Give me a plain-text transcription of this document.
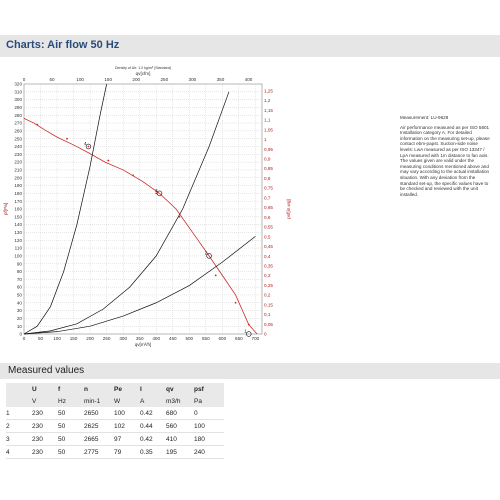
Charts: Air flow 50 Hz
0	50 100 150 200 250 300 350 400 450 500 550 600 650 700
0
10
20
30
40
50
60
70
80
90
100
110
120
130
140
150
160
170
180
190
200
210
220
230
240
250
260
270
280
290
300
310
320
0	50	100	150	200	250	300	350	400
0
0,05
0,1
0,15
0,2
0,25
0,3
0,35
0,4
0,45
0,5
0,55
0,6
0,65
0,7
0,75
0,8
0,85
0,9
0,95
1
1,05
1,1
1,15
1,2
1,25
qv[cfm]
Density of Air: 1.2 kg/m³ (Standard)
qv[m³/h]
pf[Pa]	psf[in.wg]
1
2
3
4

Measurement: LU-9628

Air performance measured as per ISO 5801 Installation category A. For detailed information on the measuring set-up, please contact ebm-papst. Suction-side noise levels: LwA measured as per ISO 13347 / LpA measured with 1m distance to fan axis. The values given are valid under the measuring conditions mentioned above and may vary according to the actual installation situation. With any deviation from the standard set-up, the specific values have to be checked and reviewed with the unit installed.

Measured values
	U	f	n	Pe	I	qv	psf
	V	Hz	min-1	W	A	m3/h	Pa
1	230	50	2650	100	0.42	680	0
2	230	50	2625	102	0.44	560	100
3	230	50	2665	97	0.42	410	180
4	230	50	2775	79	0.35	195	240
